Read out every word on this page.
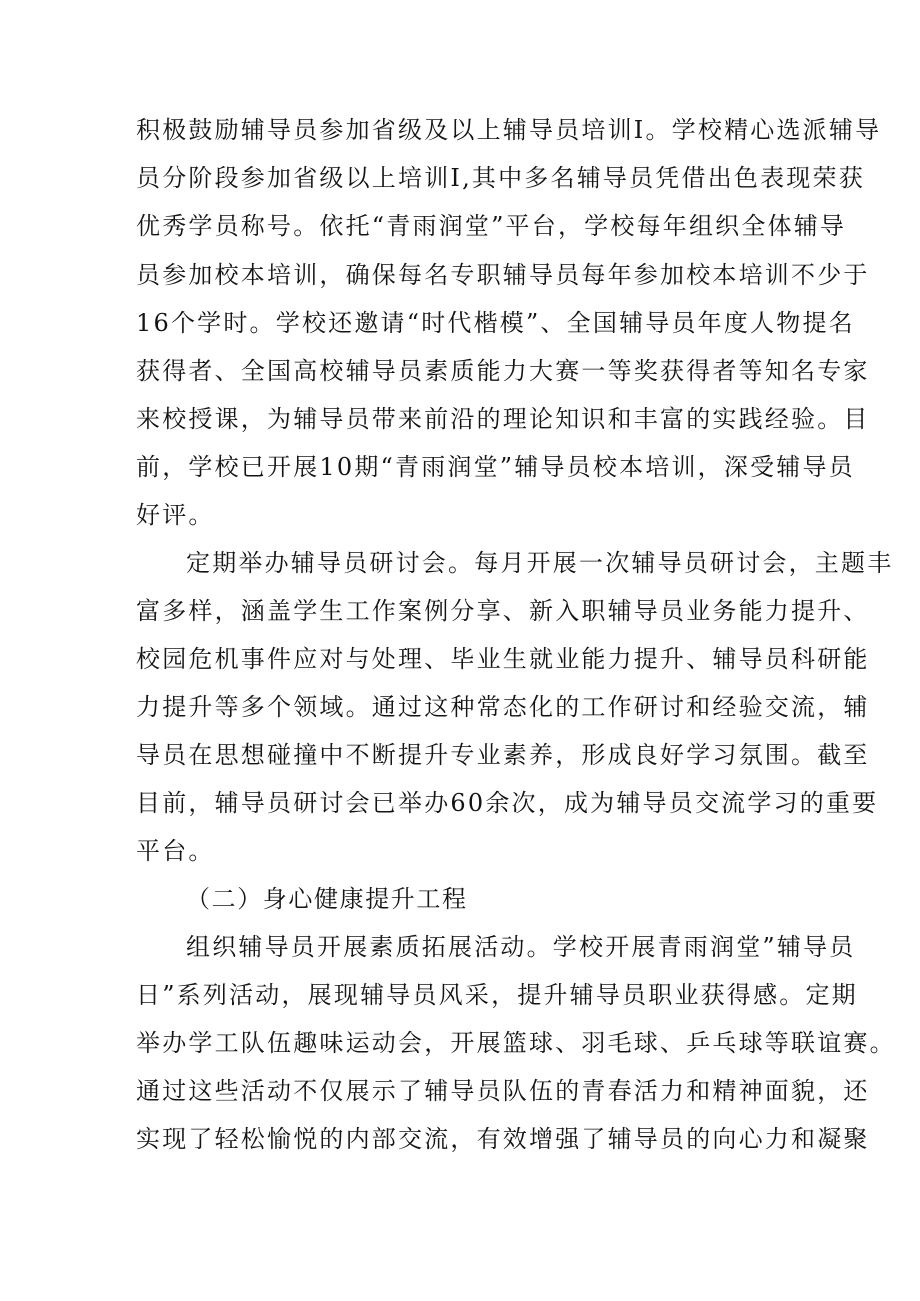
积极鼓励辅导员参加省级及以上辅导员培训I。学校精心选派辅导
员分阶段参加省级以上培训I,其中多名辅导员凭借出色表现荣获
优秀学员称号。依托“青雨润堂”平台，学校每年组织全体辅导
员参加校本培训，确保每名专职辅导员每年参加校本培训不少于
16个学时。学校还邀请“时代楷模”、全国辅导员年度人物提名
获得者、全国高校辅导员素质能力大赛一等奖获得者等知名专家
来校授课，为辅导员带来前沿的理论知识和丰富的实践经验。目
前，学校已开展10期“青雨润堂”辅导员校本培训，深受辅导员
好评。
定期举办辅导员研讨会。每月开展一次辅导员研讨会，主题丰
富多样，涵盖学生工作案例分享、新入职辅导员业务能力提升、
校园危机事件应对与处理、毕业生就业能力提升、辅导员科研能
力提升等多个领域。通过这种常态化的工作研讨和经验交流，辅
导员在思想碰撞中不断提升专业素养，形成良好学习氛围。截至
目前，辅导员研讨会已举办60余次，成为辅导员交流学习的重要
平台。
（二）身心健康提升工程
组织辅导员开展素质拓展活动。学校开展青雨润堂”辅导员
日”系列活动，展现辅导员风采，提升辅导员职业获得感。定期
举办学工队伍趣味运动会，开展篮球、羽毛球、乒乓球等联谊赛。
通过这些活动不仅展示了辅导员队伍的青春活力和精神面貌，还
实现了轻松愉悦的内部交流，有效增强了辅导员的向心力和凝聚
